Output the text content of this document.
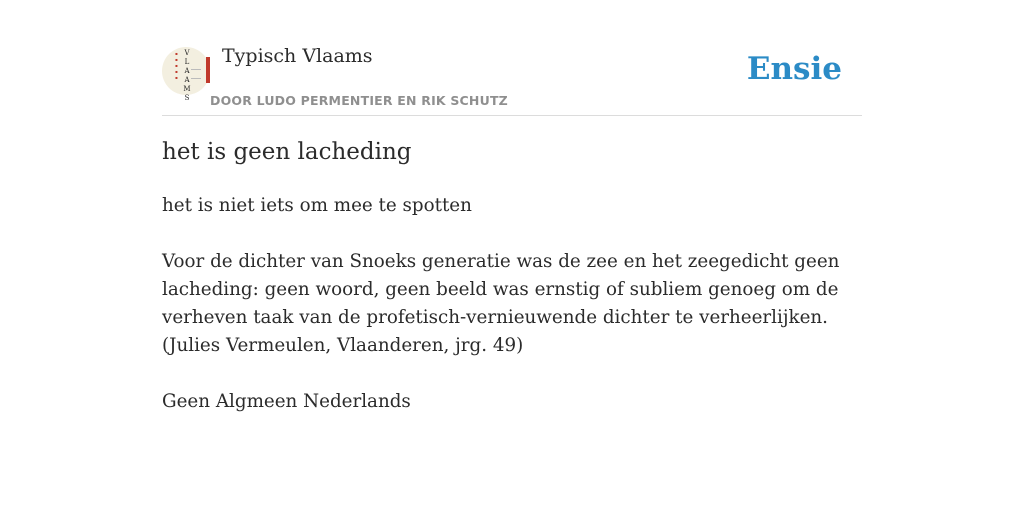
▪
▪
▪
▪
▪
V
L
A
A
M
S
Typisch Vlaams
DOOR LUDO PERMENTIER EN RIK SCHUTZ
Ensie
het is geen lacheding

het is niet iets om mee te spotten

Voor de dichter van Snoeks generatie was de zee en het zeegedicht geen

lacheding: geen woord, geen beeld was ernstig of subliem genoeg om de

verheven taak van de profetisch-vernieuwende dichter te verheerlijken.

(Julies Vermeulen, Vlaanderen, jrg. 49)

Geen Algmeen Nederlands
